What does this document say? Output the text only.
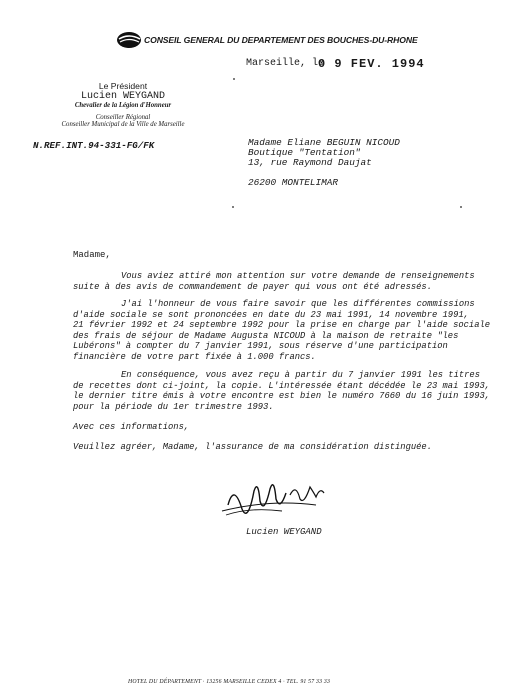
CONSEIL GENERAL DU DEPARTEMENT DES BOUCHES-DU-RHONE
Marseille, le
0 9 FEV. 1994
Le Président
Lucien WEYGAND
Chevalier de la Légion d'Honneur
Conseiller Régional
Conseiller Municipal de la Ville de Marseille
N.REF.INT.94-331-FG/FK	Madame Eliane BEGUIN NICOUD
Boutique "Tentation"
13, rue Raymond Daujat
26200 MONTELIMAR
Madame,
Vous aviez attiré mon attention sur votre demande de renseignements
suite à des avis de commandement de payer qui vous ont été adressés.
J'ai l'honneur de vous faire savoir que les différentes commissions
d'aide sociale se sont prononcées en date du 23 mai 1991, 14 novembre 1991,
21 février 1992 et 24 septembre 1992 pour la prise en charge par l'aide sociale
des frais de séjour de Madame Augusta NICOUD à la maison de retraite "les
Lubérons" à compter du 7 janvier 1991, sous réserve d'une participation
financière de votre part fixée à 1.000 francs.
En conséquence, vous avez reçu à partir du 7 janvier 1991 les titres
de recettes dont ci-joint, la copie. L'intéressée étant décédée le 23 mai 1993,
le dernier titre émis à votre encontre est bien le numéro 7660 du 16 juin 1993,
pour la période du 1er trimestre 1993.
Avec ces informations,
Veuillez agréer, Madame, l'assurance de ma considération distinguée.
Lucien WEYGAND
HOTEL DU DÉPARTEMENT · 13256 MARSEILLE CEDEX 4 · TEL. 91 57 33 33
